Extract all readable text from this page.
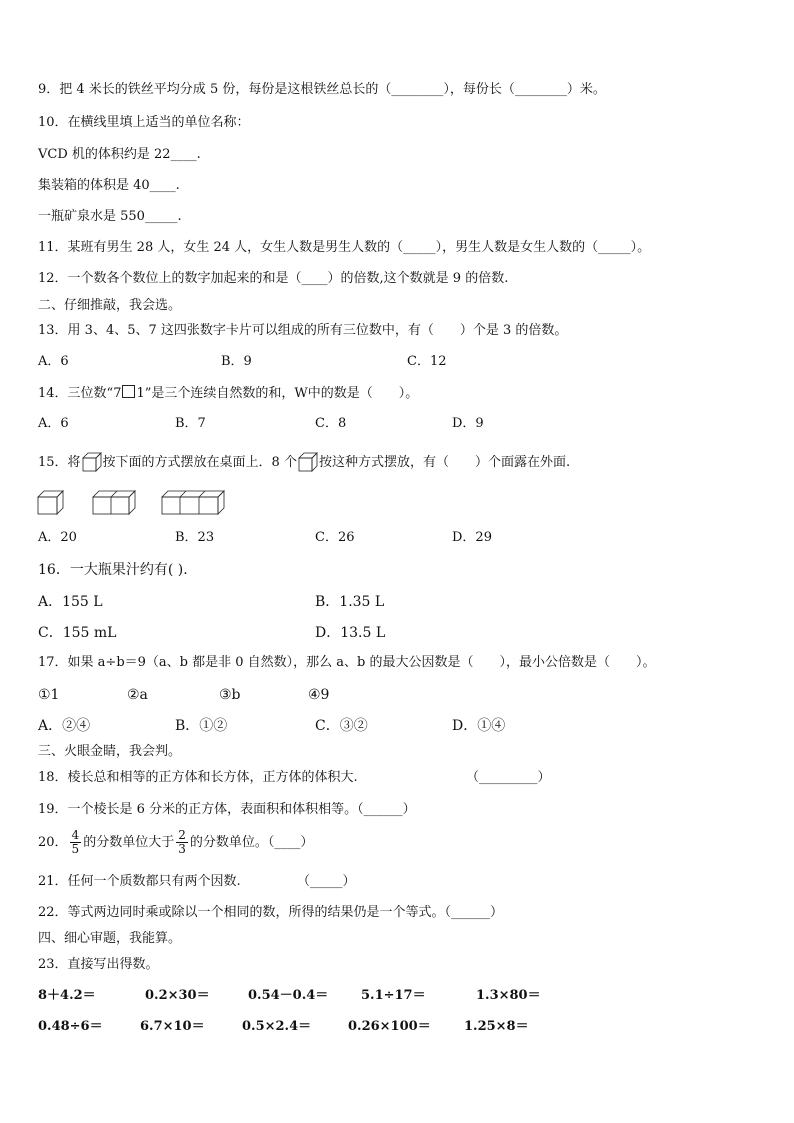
9．把 4 米长的铁丝平均分成 5 份，每份是这根铁丝总长的（________），每份长（________）米。
10．在横线里填上适当的单位名称：
VCD 机的体积约是 22____.
集装箱的体积是 40____.
一瓶矿泉水是 550_____.
11．某班有男生 28 人，女生 24 人，女生人数是男生人数的（_____），男生人数是女生人数的（_____）。
12．一个数各个数位上的数字加起来的和是（____）的倍数,这个数就是 9 的倍数.
二、仔细推敲，我会选。
13．用 3、4、5、7 这四张数字卡片可以组成的所有三位数中，有（　　）个是 3 的倍数。
A．6	B．9	C．12
14．三位数“7 1”是三个连续自然数的和，W中的数是（　　）。
A．6	B．7	C．8	D．9
15．将 按下面的方式摆放在桌面上．8 个 按这种方式摆放，有（　　）个面露在外面.
A．20	B．23	C．26	D．29
16．一大瓶果汁约有( ).
A．155 L	B．1.35 L
C．155 mL	D．13.5 L
17．如果 a÷b＝9（a、b 都是非 0 自然数），那么 a、b 的最大公因数是（　　），最小公倍数是（　　）。
①1	②a	③b	④9
A．②④	B．①②	C．③②	D．①④
三、火眼金睛，我会判。
18．棱长总和相等的正方体和长方体，正方体的体积大.	（_________）
19．一个棱长是 6 分米的正方体，表面积和体积相等。（______）
20． $\frac{4}{5}$ 的分数单位大于 $\frac{2}{3}$ 的分数单位。（____）
21．任何一个质数都只有两个因数.	（_____）
22．等式两边同时乘或除以一个相同的数，所得的结果仍是一个等式。（______）
四、细心审题，我能算。
23．直接写出得数。
8＋4.2＝	0.2×30＝	0.54－0.4＝	5.1÷17＝	1.3×80＝
0.48÷6＝	6.7×10＝	0.5×2.4＝	0.26×100＝	1.25×8＝
